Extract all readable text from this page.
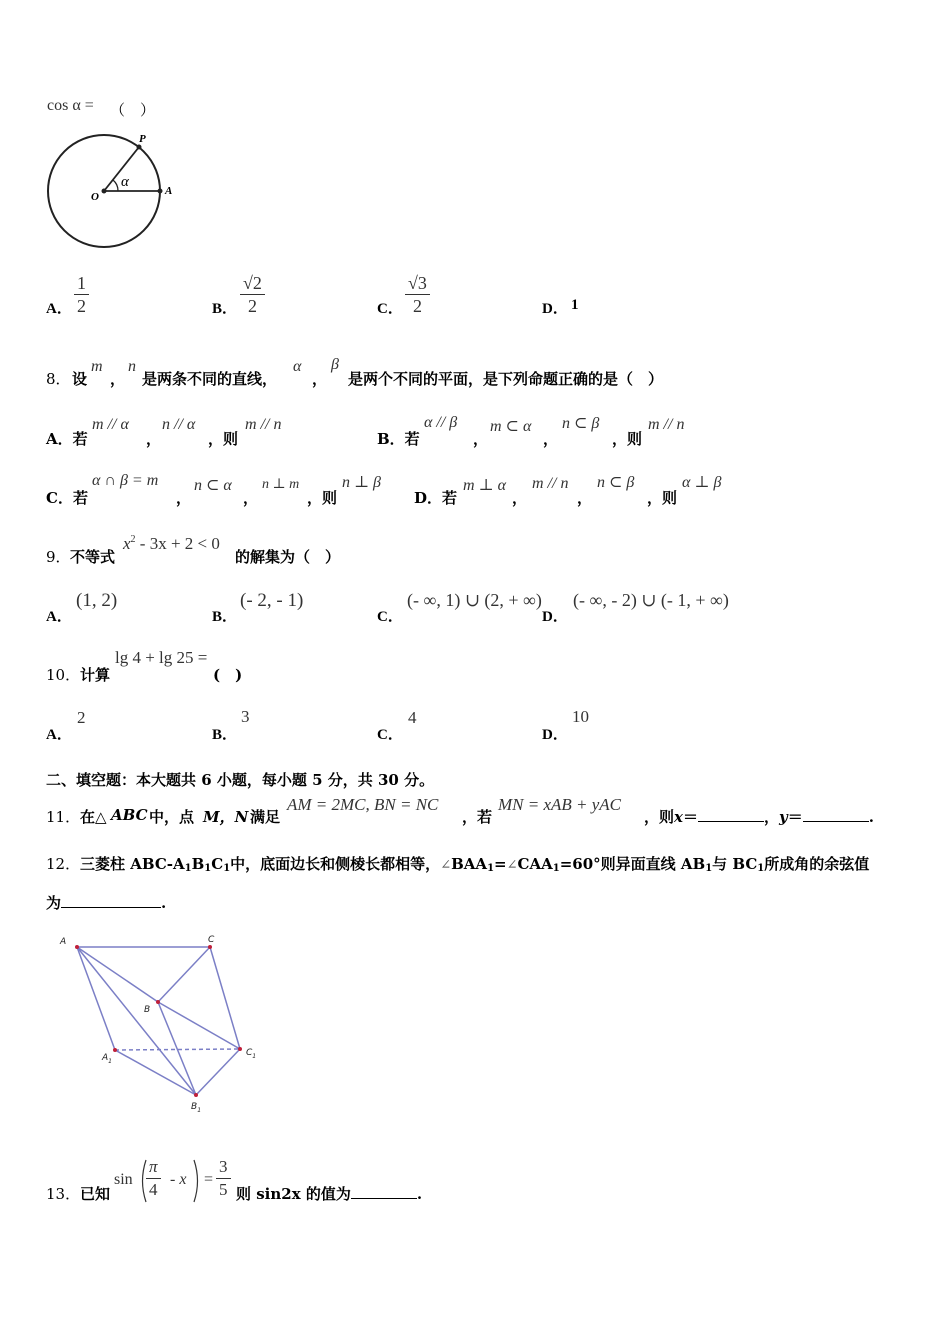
cos α = （　）
P
O	A
α
A． $\frac{1}{2}$	B． $\frac{√2}{2}$	C． $\frac{√3}{2}$	D． 1
8． 设
m
，
n
是两条不同的直线，
α
，
β
是两个不同的平面，是下列命题正确的是（　）
A．若
m // α
，
n // α
，则
m // n
B．若
α // β
，
m ⊂ α
，
n ⊂ β
，则
m // n
C．若
α ∩ β = m
，
n ⊂ α
，
n ⊥ m
，则
n ⊥ β
D．若
m ⊥ α
，
m // n
，
n ⊂ β
，则
α ⊥ β
9． 不等式
$x^2 - 3x + 2 < 0$
的解集为（　）
A．
(1, 2)
B．
(- 2, - 1)
C．
(- ∞, 1) ∪ (2, + ∞)
D．
(- ∞, - 2) ∪ (- 1, + ∞)
10． 计算
lg 4 + lg 25 =
(　)
A．
2
B．
3
C．
4
D．
10
二、填空题：本大题共 6 小题，每小题 5 分，共 30 分。
11． 在△ ABC 中，点 M，N 满足
AM = 2MC, BN = NC
，若
MN = xAB + yAC
，则x＝	，y＝	.
12． 三菱柱 ABC-$A_1B_1C_1$中，底面边长和侧棱长都相等，$\angle BAA_1=\angle CAA_1=60^\circ$则异面直线 $AB_1$与 $BC_1$所成角的余弦值
为	.
A	C
B
$A_1$
$C_1$
$B_1$
13． 已知
$\sin \frac{\pi}{4} - x = \frac{3}{5}$ 则 sin2x 的值为	.
